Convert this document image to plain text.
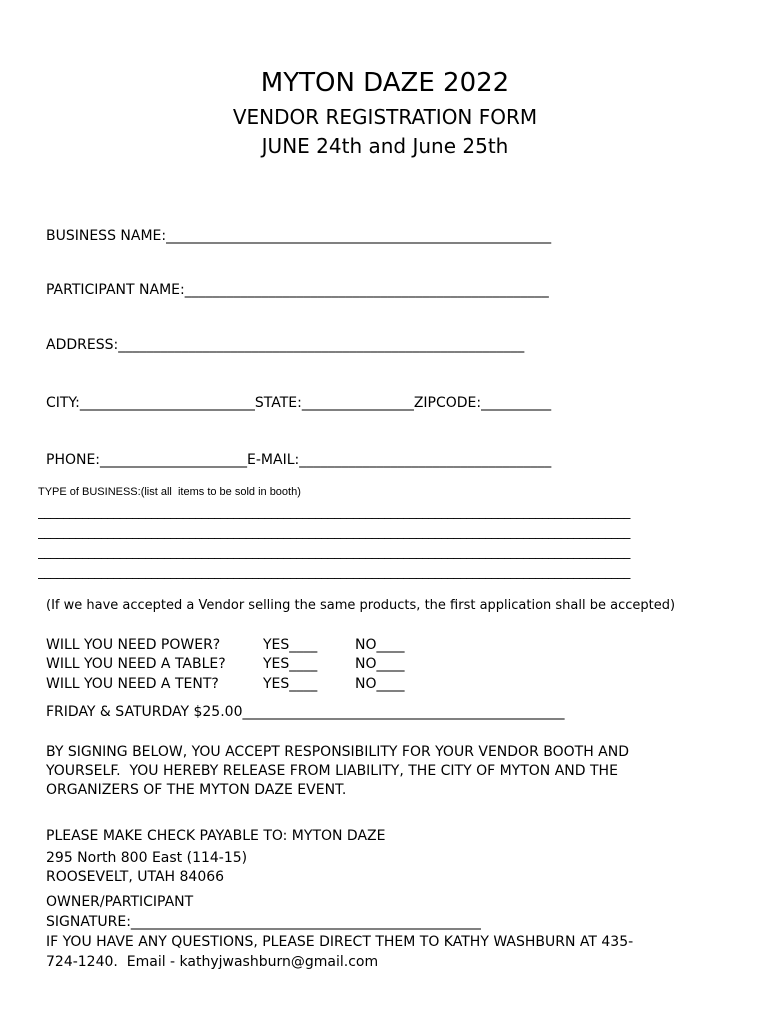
MYTON DAZE 2022
VENDOR REGISTRATION FORM
JUNE 24th and June 25th
BUSINESS NAME:_______________________________________________________
PARTICIPANT NAME:____________________________________________________
ADDRESS:__________________________________________________________
CITY:_________________________STATE:________________ZIPCODE:__________
PHONE:_____________________E-MAIL:____________________________________
TYPE of BUSINESS:(list all  items to be sold in booth)
______________________________________________________________________________________________
______________________________________________________________________________________________
______________________________________________________________________________________________
______________________________________________________________________________________________
(If we have accepted a Vendor selling the same products, the first application shall be accepted)
WILL YOU NEED POWER?	YES____	NO____
WILL YOU NEED A TABLE?	YES____	NO____
WILL YOU NEED A TENT?	YES____	NO____
FRIDAY & SATURDAY $25.00______________________________________________
BY SIGNING BELOW, YOU ACCEPT RESPONSIBILITY FOR YOUR VENDOR BOOTH AND
YOURSELF.  YOU HEREBY RELEASE FROM LIABILITY, THE CITY OF MYTON AND THE
ORGANIZERS OF THE MYTON DAZE EVENT.
PLEASE MAKE CHECK PAYABLE TO: MYTON DAZE
295 North 800 East (114-15)
ROOSEVELT, UTAH 84066
OWNER/PARTICIPANT
SIGNATURE:__________________________________________________
IF YOU HAVE ANY QUESTIONS, PLEASE DIRECT THEM TO KATHY WASHBURN AT 435-
724-1240.  Email - kathyjwashburn@gmail.com
